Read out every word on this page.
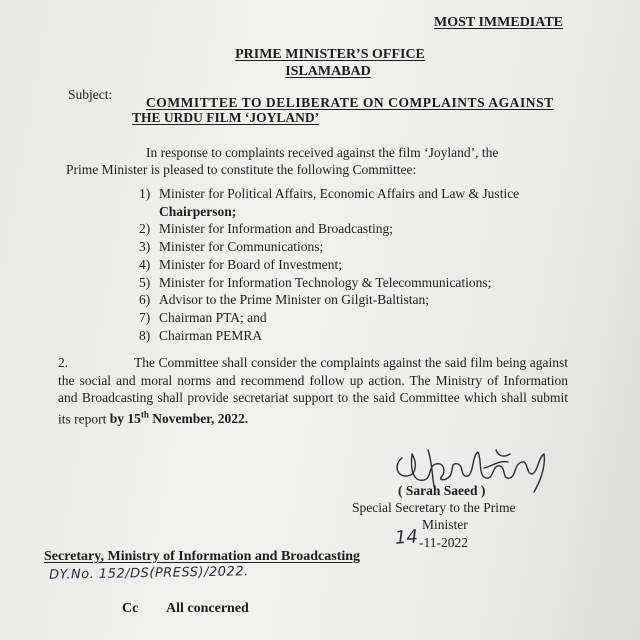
MOST IMMEDIATE
PRIME MINISTER’S OFFICE
ISLAMABAD
Subject:
COMMITTEE TO DELIBERATE ON COMPLAINTS AGAINST
THE URDU FILM ‘JOYLAND’
In response to complaints received against the film ‘Joyland’, the
Prime Minister is pleased to constitute the following Committee:
1) Minister for Political Affairs, Economic Affairs and Law & Justice
Chairperson;
2) Minister for Information and Broadcasting;
3) Minister for Communications;
4) Minister for Board of Investment;
5) Minister for Information Technology & Telecommunications;
6) Advisor to the Prime Minister on Gilgit-Baltistan;
7) Chairman PTA; and
8) Chairman PEMRA
2.	The Committee shall consider the complaints against the said film being against the social and moral norms and recommend follow up action. The Ministry of Information and Broadcasting shall provide secretariat support to the said Committee which shall submit its report by 15th November, 2022.
( Sarah Saeed )
Special Secretary to the Prime
Minister
14 -11-2022
Secretary, Ministry of Information and Broadcasting
DY.No. 152/DS(PRESS)/2022.
Cc All concerned
